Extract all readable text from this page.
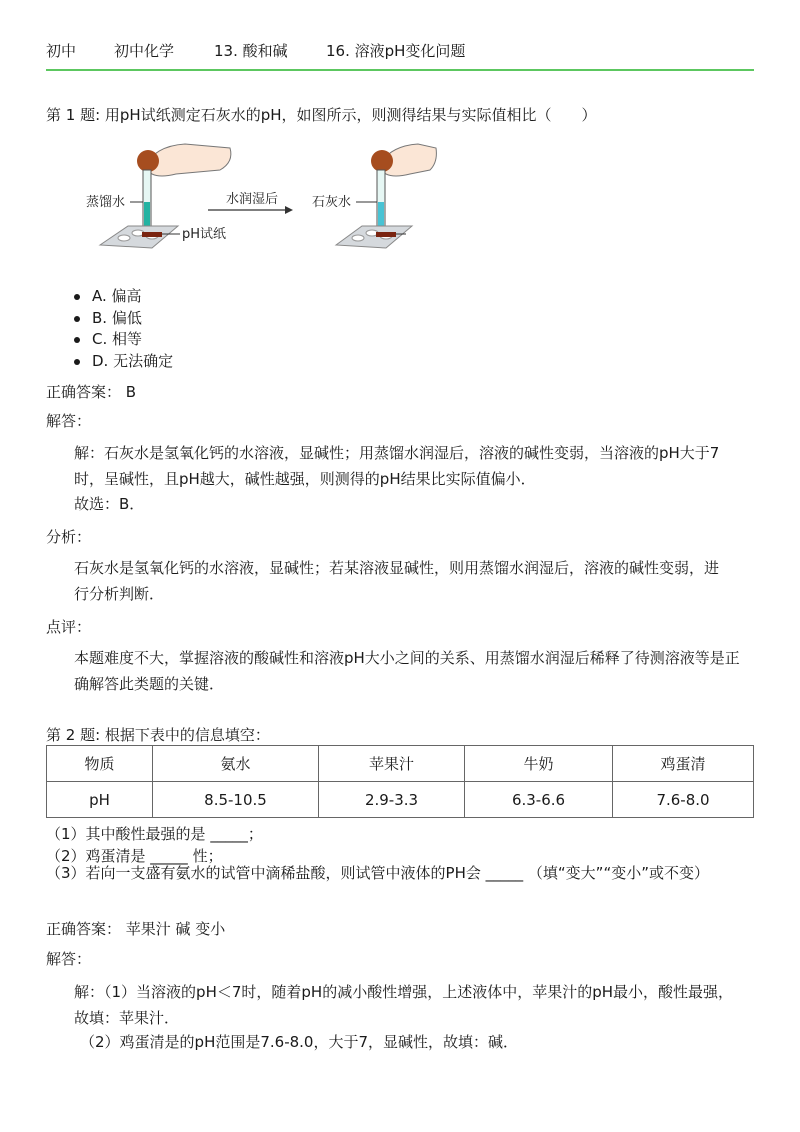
初中	初中化学	13. 酸和碱	16. 溶液pH变化问题
第 1 题: 用pH试纸测定石灰水的pH，如图所示，则测得结果与实际值相比（　　）
蒸馏水
pH试纸
水润湿后	石灰水
A. 偏高
B. 偏低
C. 相等
D. 无法确定
正确答案： B
解答：
解：石灰水是氢氧化钙的水溶液，显碱性；用蒸馏水润湿后，溶液的碱性变弱，当溶液的pH大于7时，呈碱性，且pH越大，碱性越强，则测得的pH结果比实际值偏小．
故选：B．
分析：
石灰水是氢氧化钙的水溶液，显碱性；若某溶液显碱性，则用蒸馏水润湿后，溶液的碱性变弱，进行分析判断．
点评：
本题难度不大，掌握溶液的酸碱性和溶液pH大小之间的关系、用蒸馏水润湿后稀释了待测溶液等是正确解答此类题的关键．
第 2 题: 根据下表中的信息填空：
物质	氨水	苹果汁	牛奶	鸡蛋清
pH	8.5-10.5	2.9-3.3	6.3-6.6	7.6-8.0
（1）其中酸性最强的是 _____；
（2）鸡蛋清是 _____ 性；
（3）若向一支盛有氨水的试管中滴稀盐酸，则试管中液体的PH会 _____ （填“变大”“变小”或不变）
正确答案： 苹果汁 碱 变小
解答：
解：（1）当溶液的pH＜7时，随着pH的减小酸性增强，上述液体中，苹果汁的pH最小，酸性最强，故填：苹果汁．
（2）鸡蛋清是的pH范围是7.6-8.0，大于7，显碱性，故填：碱．
